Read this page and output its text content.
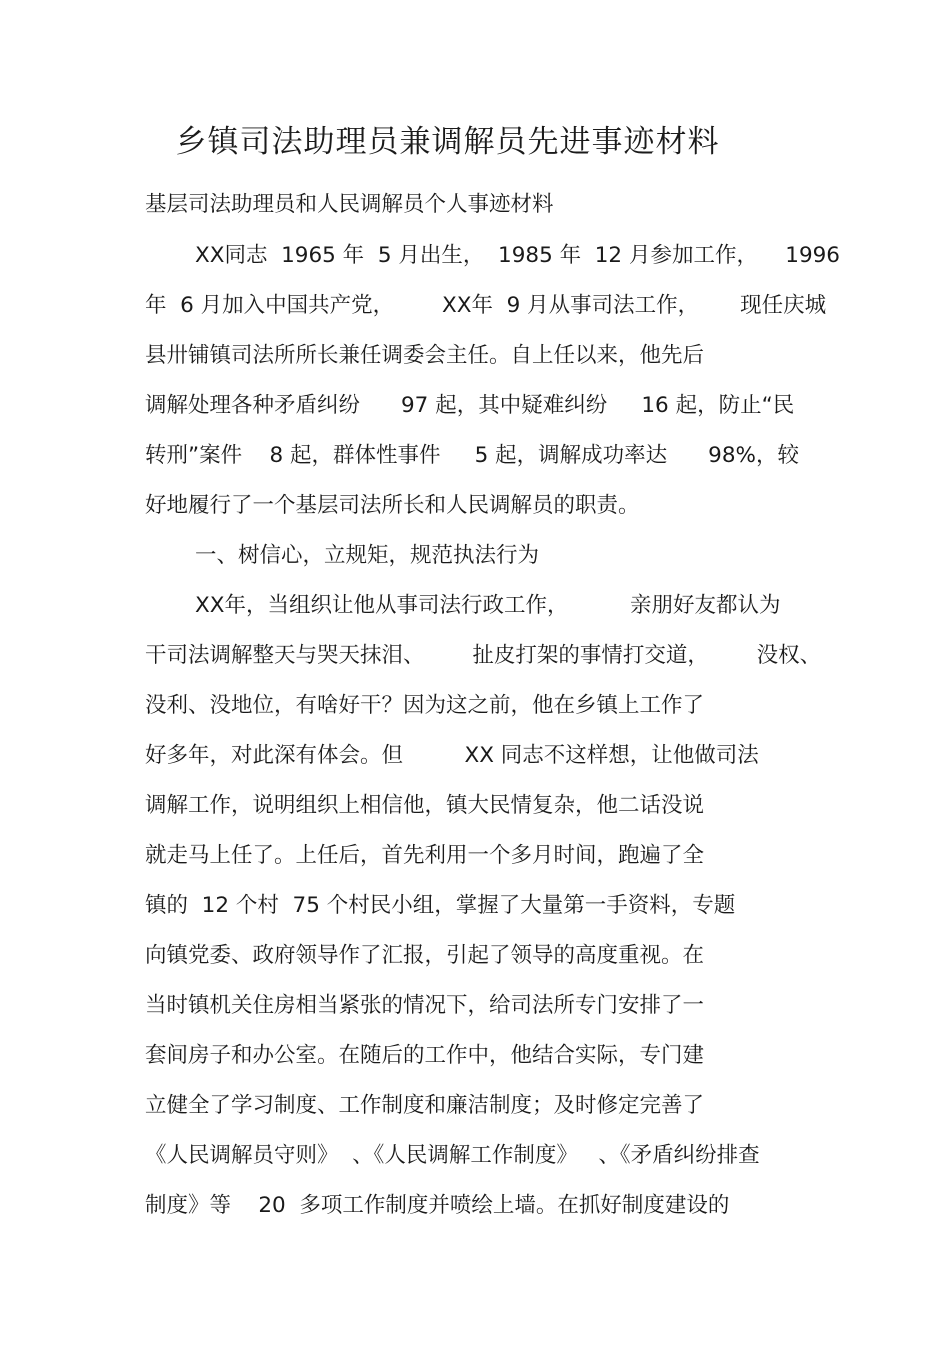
乡镇司法助理员兼调解员先进事迹材料
基层司法助理员和人民调解员个人事迹材料
XX同志  1965 年  5 月出生，  1985 年  12 月参加工作，    1996
年  6 月加入中国共产党，       XX年  9 月从事司法工作，      现任庆城
县卅铺镇司法所所长兼任调委会主任。自上任以来，他先后
调解处理各种矛盾纠纷      97 起，其中疑难纠纷     16 起，防止“民
转刑”案件    8 起，群体性事件     5 起，调解成功率达      98%，较
好地履行了一个基层司法所长和人民调解员的职责。
一、树信心，立规矩，规范执法行为
XX年，当组织让他从事司法行政工作，         亲朋好友都认为
干司法调解整天与哭天抹泪、       扯皮打架的事情打交道，       没权、
没利、没地位，有啥好干？因为这之前，他在乡镇上工作了
好多年，对此深有体会。但         XX 同志不这样想，让他做司法
调解工作，说明组织上相信他，镇大民情复杂，他二话没说
就走马上任了。上任后，首先利用一个多月时间，跑遍了全
镇的  12 个村  75 个村民小组，掌握了大量第一手资料，专题
向镇党委、政府领导作了汇报，引起了领导的高度重视。在
当时镇机关住房相当紧张的情况下，给司法所专门安排了一
套间房子和办公室。在随后的工作中，他结合实际，专门建
立健全了学习制度、工作制度和廉洁制度；及时修定完善了
《人民调解员守则》  、《人民调解工作制度》   、《矛盾纠纷排查
制度》等    20  多项工作制度并喷绘上墙。在抓好制度建设的
